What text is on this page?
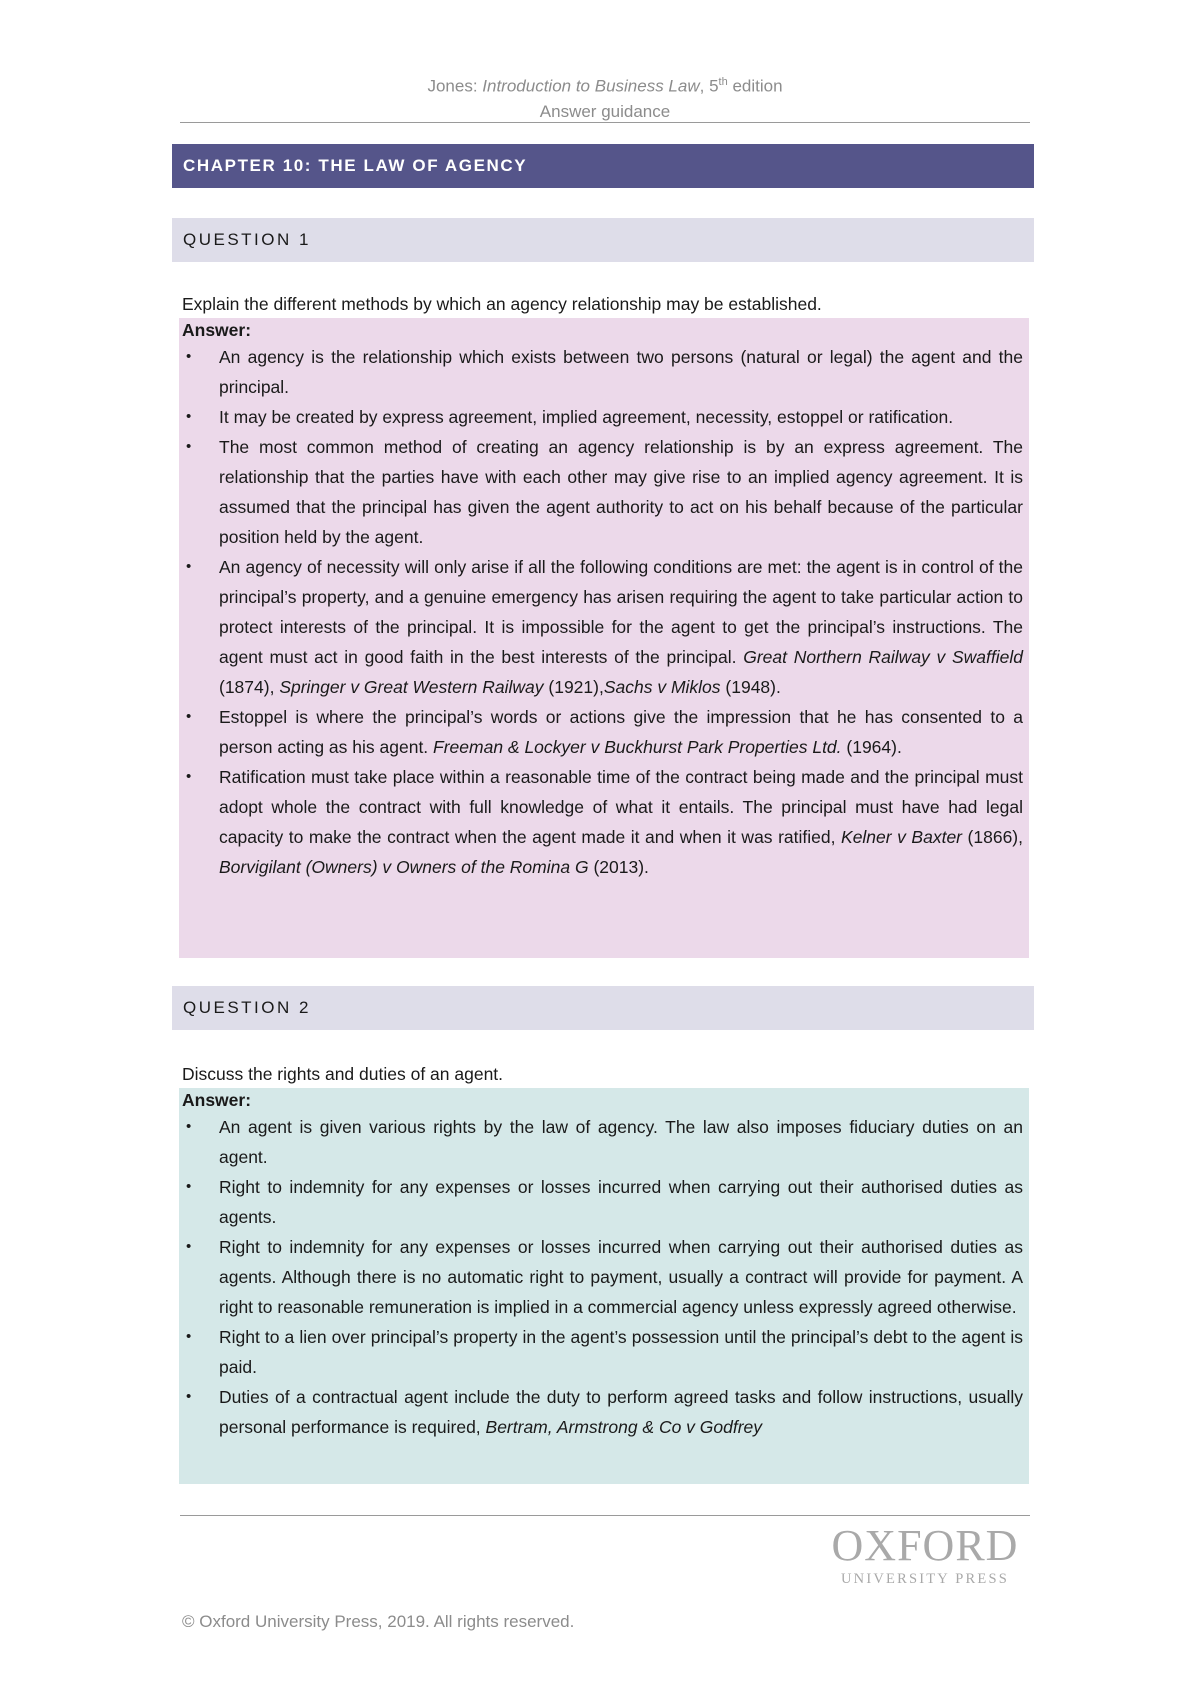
Jones: Introduction to Business Law, 5th edition
Answer guidance
CHAPTER 10: THE LAW OF AGENCY
QUESTION 1
Explain the different methods by which an agency relationship may be established.
Answer:
• An agency is the relationship which exists between two persons (natural or legal) the agent and the principal.
• It may be created by express agreement, implied agreement, necessity, estoppel or ratification.
• The most common method of creating an agency relationship is by an express agreement. The relationship that the parties have with each other may give rise to an implied agency agreement. It is assumed that the principal has given the agent authority to act on his behalf because of the particular position held by the agent.
• An agency of necessity will only arise if all the following conditions are met: the agent is in control of the principal’s property, and a genuine emergency has arisen requiring the agent to take particular action to protect interests of the principal. It is impossible for the agent to get the principal’s instructions. The agent must act in good faith in the best interests of the principal. Great Northern Railway v Swaffield (1874), Springer v Great Western Railway (1921),Sachs v Miklos (1948).
• Estoppel is where the principal’s words or actions give the impression that he has consented to a person acting as his agent. Freeman & Lockyer v Buckhurst Park Properties Ltd. (1964).
• Ratification must take place within a reasonable time of the contract being made and the principal must adopt whole the contract with full knowledge of what it entails. The principal must have had legal capacity to make the contract when the agent made it and when it was ratified, Kelner v Baxter (1866), Borvigilant (Owners) v Owners of the Romina G (2013).
QUESTION 2
Discuss the rights and duties of an agent.
Answer:
• An agent is given various rights by the law of agency. The law also imposes fiduciary duties on an agent.
• Right to indemnity for any expenses or losses incurred when carrying out their authorised duties as agents.
• Right to indemnity for any expenses or losses incurred when carrying out their authorised duties as agents. Although there is no automatic right to payment, usually a contract will provide for payment. A right to reasonable remuneration is implied in a commercial agency unless expressly agreed otherwise.
• Right to a lien over principal’s property in the agent’s possession until the principal’s debt to the agent is paid.
• Duties of a contractual agent include the duty to perform agreed tasks and follow instructions, usually personal performance is required, Bertram, Armstrong & Co v Godfrey
OXFORD
UNIVERSITY PRESS
© Oxford University Press, 2019. All rights reserved.
